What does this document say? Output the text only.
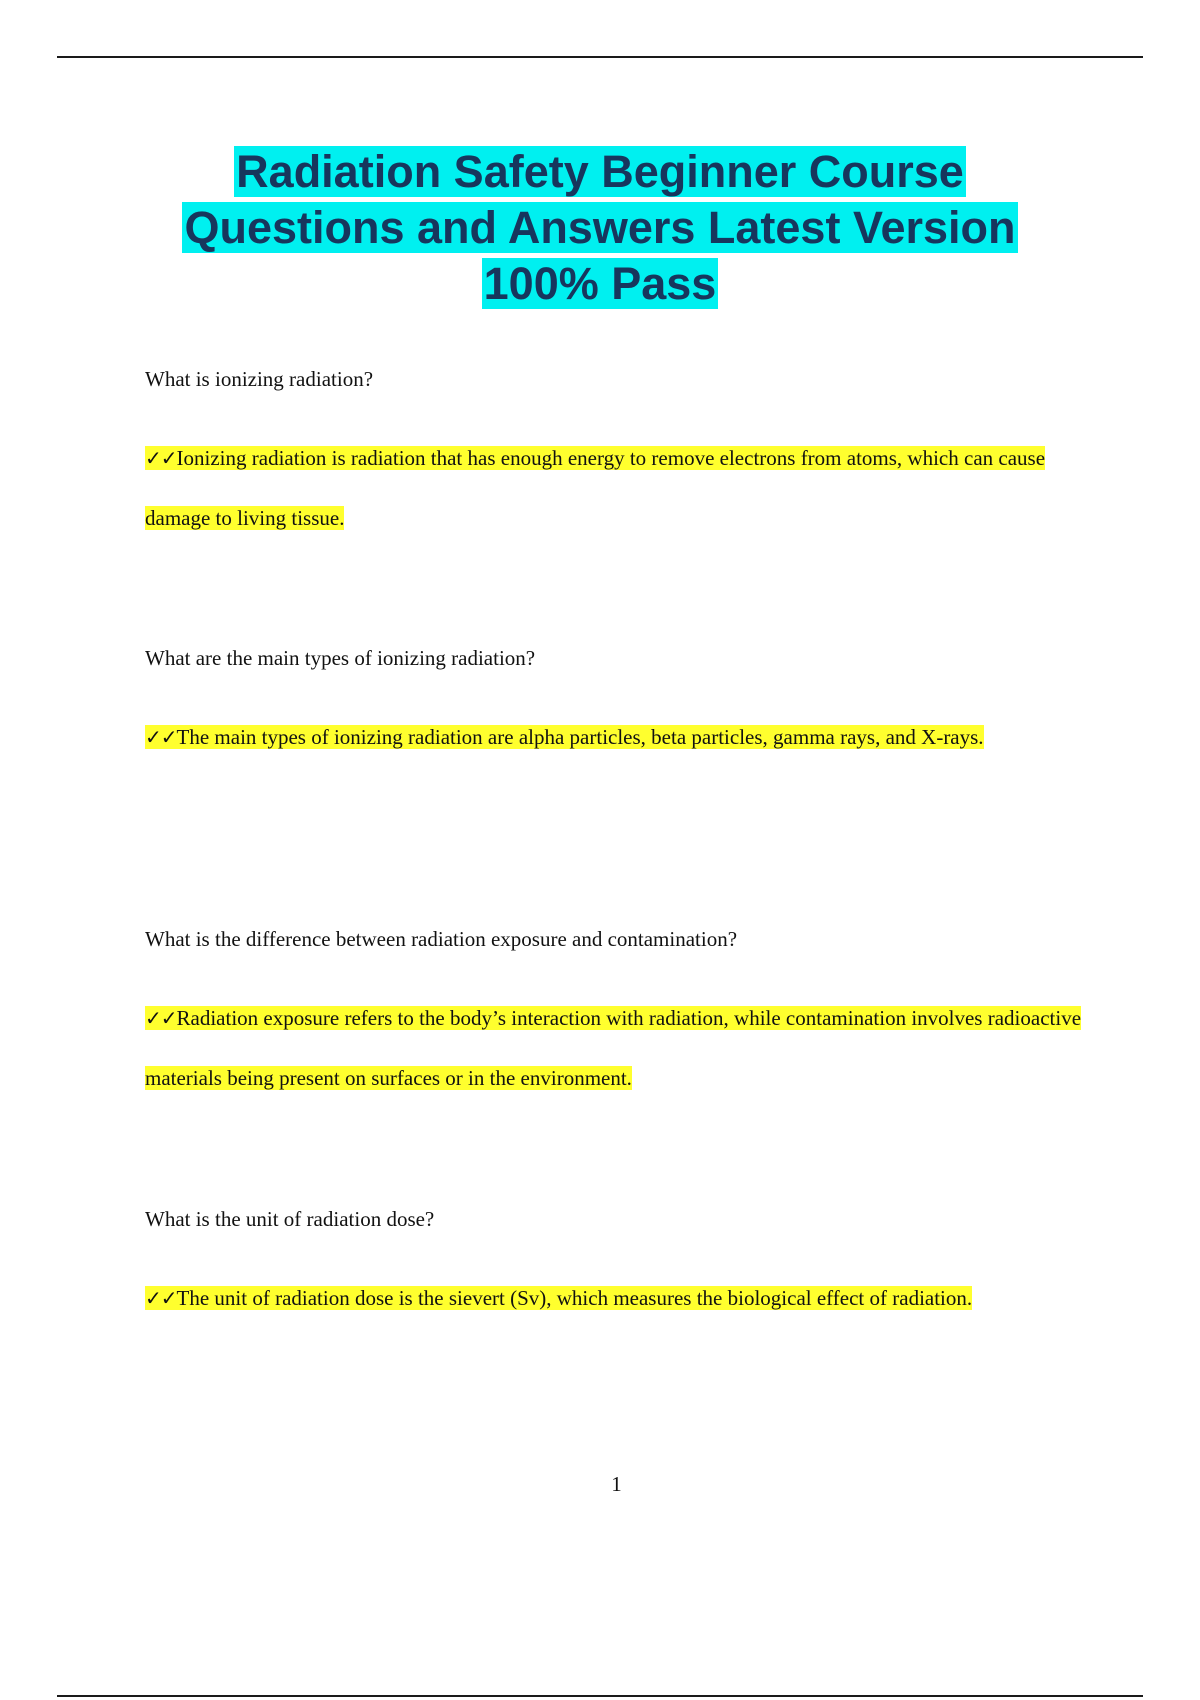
Radiation Safety Beginner Course
Questions and Answers Latest Version
100% Pass
What is ionizing radiation?
✓✓Ionizing radiation is radiation that has enough energy to remove electrons from atoms, which can cause damage to living tissue.
What are the main types of ionizing radiation?
✓✓The main types of ionizing radiation are alpha particles, beta particles, gamma rays, and X-rays.
What is the difference between radiation exposure and contamination?
✓✓Radiation exposure refers to the body’s interaction with radiation, while contamination involves radioactive materials being present on surfaces or in the environment.
What is the unit of radiation dose?
✓✓The unit of radiation dose is the sievert (Sv), which measures the biological effect of radiation.
1
